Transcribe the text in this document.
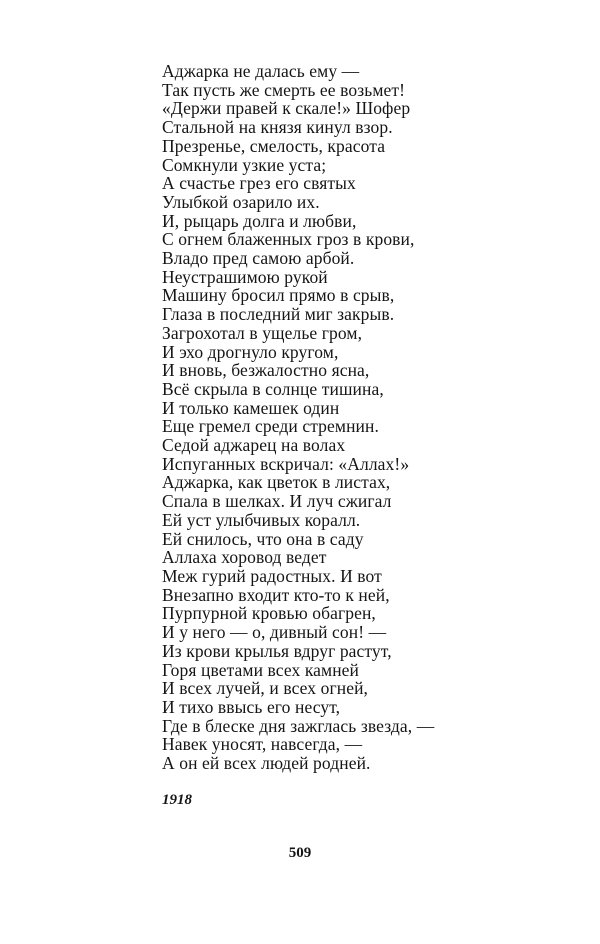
Аджарка не далась ему —
Так пусть же смерть ее возьмет!
«Держи правей к скале!» Шофер
Стальной на князя кинул взор.
Презренье, смелость, красота
Сомкнули узкие уста;
А счастье грез его святых
Улыбкой озарило их.
И, рыцарь долга и любви,
С огнем блаженных гроз в крови,
Владо пред самою арбой.
Неустрашимою рукой
Машину бросил прямо в срыв,
Глаза в последний миг закрыв.
Загрохотал в ущелье гром,
И эхо дрогнуло кругом,
И вновь, безжалостно ясна,
Всё скрыла в солнце тишина,
И только камешек один
Еще гремел среди стремнин.
Седой аджарец на волах
Испуганных вскричал: «Аллах!»
Аджарка, как цветок в листах,
Спала в шелках. И луч сжигал
Ей уст улыбчивых коралл.
Ей снилось, что она в саду
Аллаха хоровод ведет
Меж гурий радостных. И вот
Внезапно входит кто-то к ней,
Пурпурной кровью обагрен,
И у него — о, дивный сон! —
Из крови крылья вдруг растут,
Горя цветами всех камней
И всех лучей, и всех огней,
И тихо ввысь его несут,
Где в блеске дня зажглась звезда, —
Навек уносят, навсегда, —
А он ей всех людей родней.
1918
509
